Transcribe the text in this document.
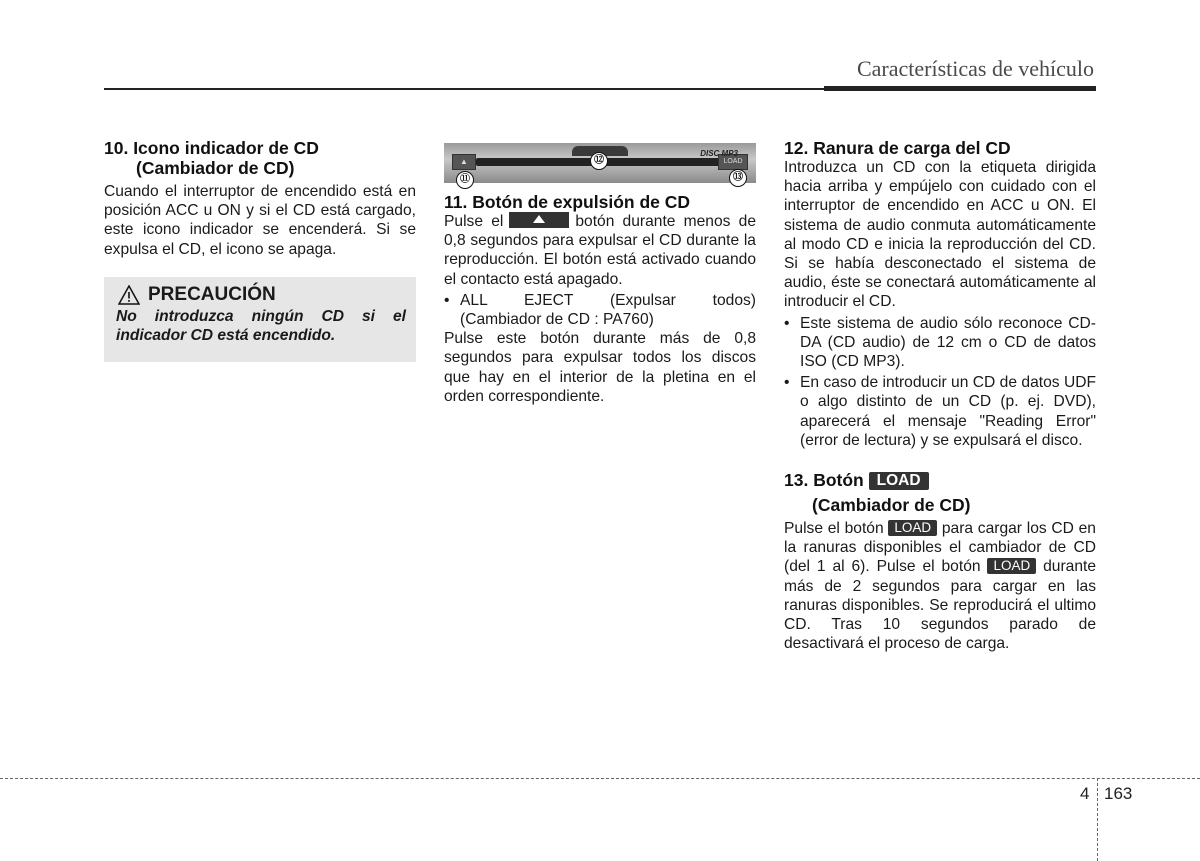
Características de vehículo
10. Icono indicador de CD
(Cambiador de CD)

Cuando el interruptor de encendido está en posición ACC u ON y si el CD está cargado, este icono indicador se encenderá. Si se expulsa el CD, el icono se apaga.

PRECAUCIÓN
No introduzca ningún CD si el indicador CD está encendido.
▲	LOAD
DISC MP3
⑫
⑪	⑬
11. Botón de expulsión de CD

Pulse el	botón durante menos de

0,8 segundos para expulsar el CD durante la reproducción. El botón está activado cuando el contacto está apagado.

• ALL EJECT (Expulsar todos)
(Cambiador de CD : PA760)

Pulse este botón durante más de 0,8 segundos para expulsar todos los discos que hay en el interior de la pletina en el orden correspondiente.

12. Ranura de carga del CD

Introduzca un CD con la etiqueta dirigida hacia arriba y empújelo con cuidado con el interruptor de encendido en ACC u ON. El sistema de audio conmuta automáticamente al modo CD e inicia la reproducción del CD. Si se había desconectado el sistema de audio, éste se conectará automáticamente al introducir el CD.

• Este sistema de audio sólo reconoce CD-DA (CD audio) de 12 cm o CD de datos ISO (CD MP3).
• En caso de introducir un CD de datos UDF o algo distinto de un CD (p. ej. DVD), aparecerá el mensaje "Reading Error" (error de lectura) y se expulsará el disco.
13. Botón LOAD
(Cambiador de CD)

Pulse el botón LOAD para cargar los CD en la ranuras disponibles el cambiador de CD (del 1 al 6). Pulse el botón LOAD durante más de 2 segundos para cargar en las ranuras disponibles. Se reproducirá el ultimo CD. Tras 10 segundos parado de desactivará el proceso de carga.

4 163
